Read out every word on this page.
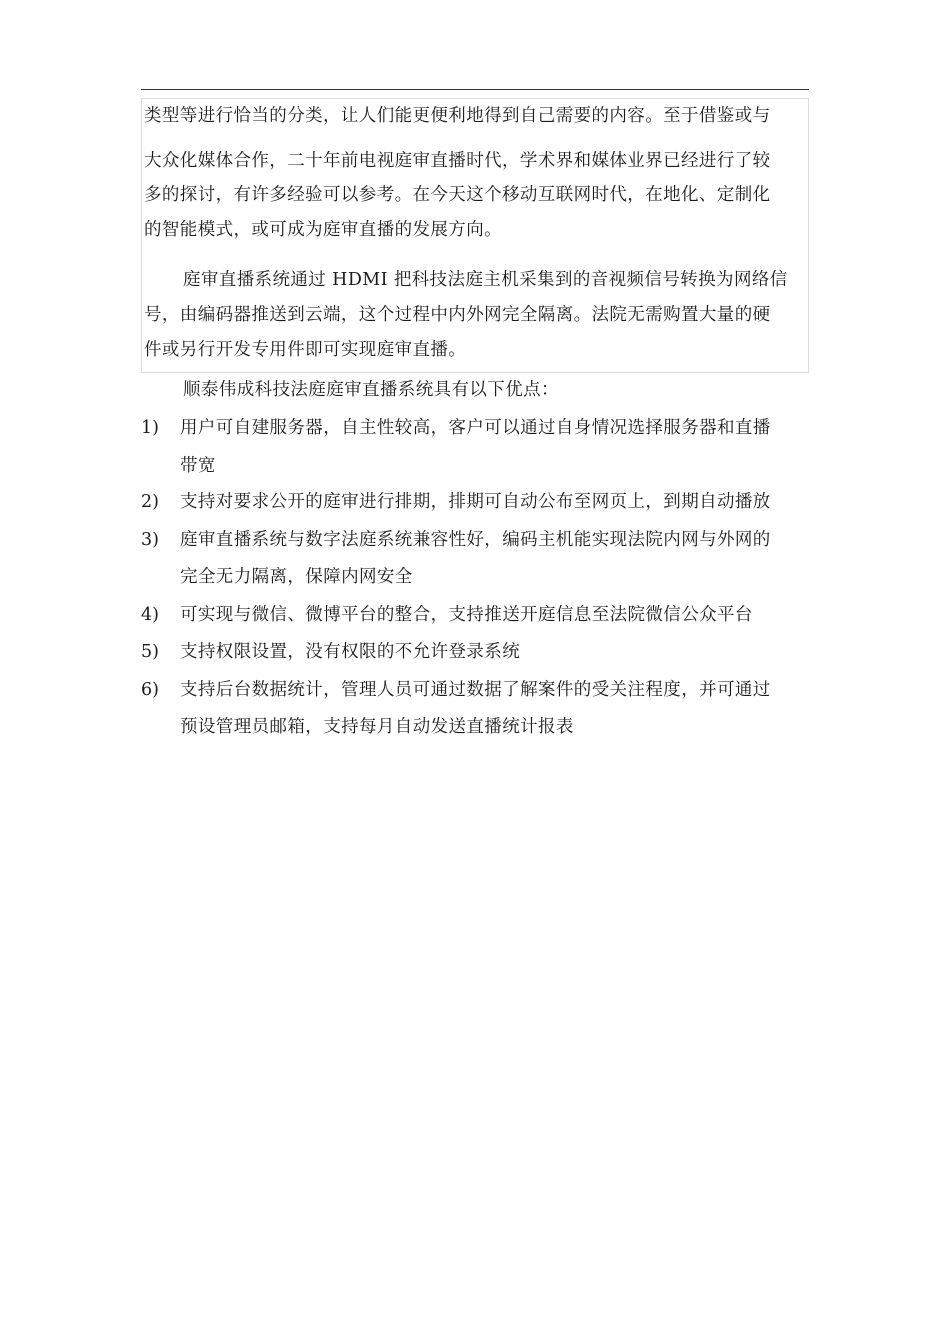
类型等进行恰当的分类，让人们能更便利地得到自己需要的内容。至于借鉴或与
大众化媒体合作，二十年前电视庭审直播时代，学术界和媒体业界已经进行了较
多的探讨，有许多经验可以参考。在今天这个移动互联网时代，在地化、定制化
的智能模式，或可成为庭审直播的发展方向。
庭审直播系统通过 HDMI 把科技法庭主机采集到的音视频信号转换为网络信
号，由编码器推送到云端，这个过程中内外网完全隔离。法院无需购置大量的硬
件或另行开发专用件即可实现庭审直播。
顺泰伟成科技法庭庭审直播系统具有以下优点：
1) 用户可自建服务器，自主性较高，客户可以通过自身情况选择服务器和直播
带宽
2) 支持对要求公开的庭审进行排期，排期可自动公布至网页上，到期自动播放
3) 庭审直播系统与数字法庭系统兼容性好，编码主机能实现法院内网与外网的
完全无力隔离，保障内网安全
4) 可实现与微信、微博平台的整合，支持推送开庭信息至法院微信公众平台
5) 支持权限设置，没有权限的不允许登录系统
6) 支持后台数据统计，管理人员可通过数据了解案件的受关注程度，并可通过
预设管理员邮箱，支持每月自动发送直播统计报表
